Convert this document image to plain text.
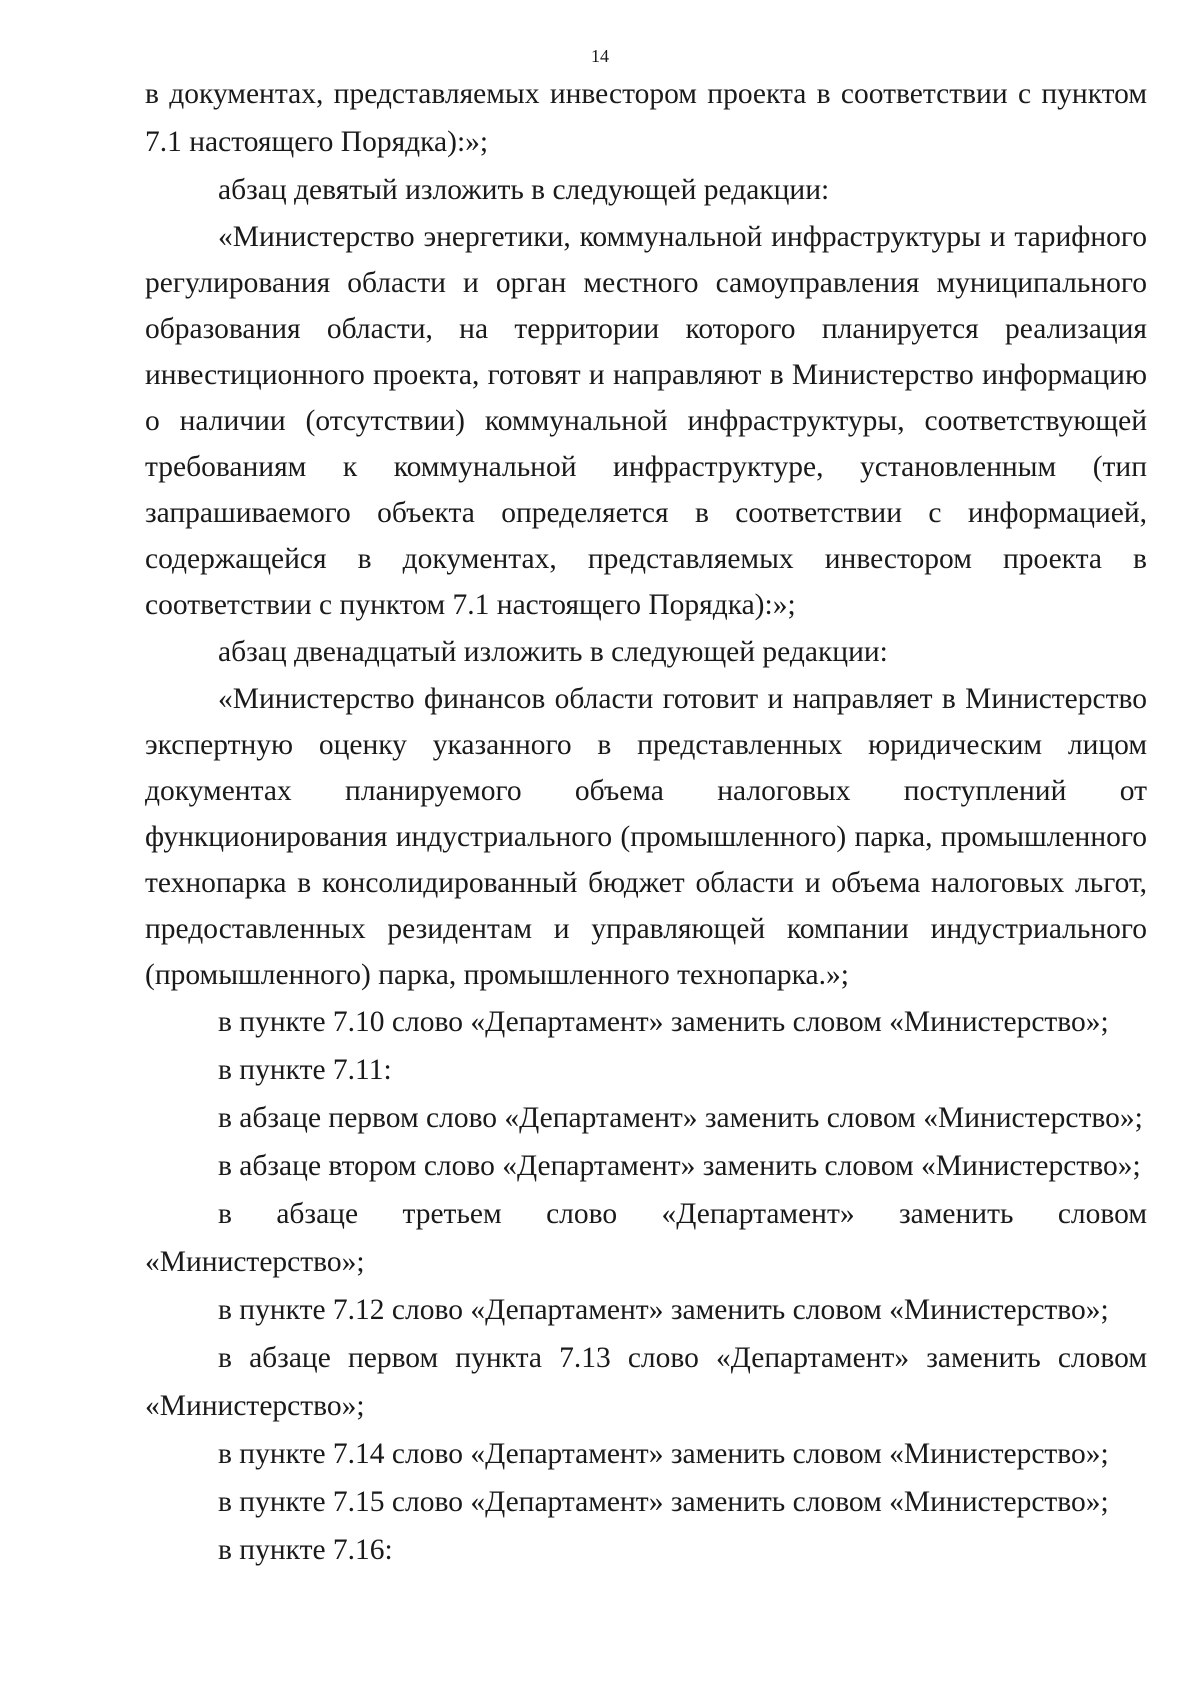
14

в документах, представляемых инвестором проекта в соответствии с пунктом 7.1 настоящего Порядка):»;

абзац девятый изложить в следующей редакции:

«Министерство энергетики, коммунальной инфраструктуры и тарифного регулирования области и орган местного самоуправления муниципального образования области, на территории которого планируется реализация инвестиционного проекта, готовят и направляют в Министерство информацию о наличии (отсутствии) коммунальной инфраструктуры, соответствующей требованиям к коммунальной инфраструктуре, установленным (тип запрашиваемого объекта определяется в соответствии с информацией, содержащейся в документах, представляемых инвестором проекта в соответствии с пунктом 7.1 настоящего Порядка):»;

абзац двенадцатый изложить в следующей редакции:

«Министерство финансов области готовит и направляет в Министерство экспертную оценку указанного в представленных юридическим лицом документах планируемого объема налоговых поступлений от функционирования индустриального (промышленного) парка, промышленного технопарка в консолидированный бюджет области и объема налоговых льгот, предоставленных резидентам и управляющей компании индустриального (промышленного) парка, промышленного технопарка.»;

в пункте 7.10 слово «Департамент» заменить словом «Министерство»;

в пункте 7.11:

в абзаце первом слово «Департамент» заменить словом «Министерство»;

в абзаце втором слово «Департамент» заменить словом «Министерство»;

в абзаце третьем слово «Департамент» заменить словом «Министерство»;

в пункте 7.12 слово «Департамент» заменить словом «Министерство»;

в абзаце первом пункта 7.13 слово «Департамент» заменить словом «Министерство»;

в пункте 7.14 слово «Департамент» заменить словом «Министерство»;

в пункте 7.15 слово «Департамент» заменить словом «Министерство»;

в пункте 7.16:
